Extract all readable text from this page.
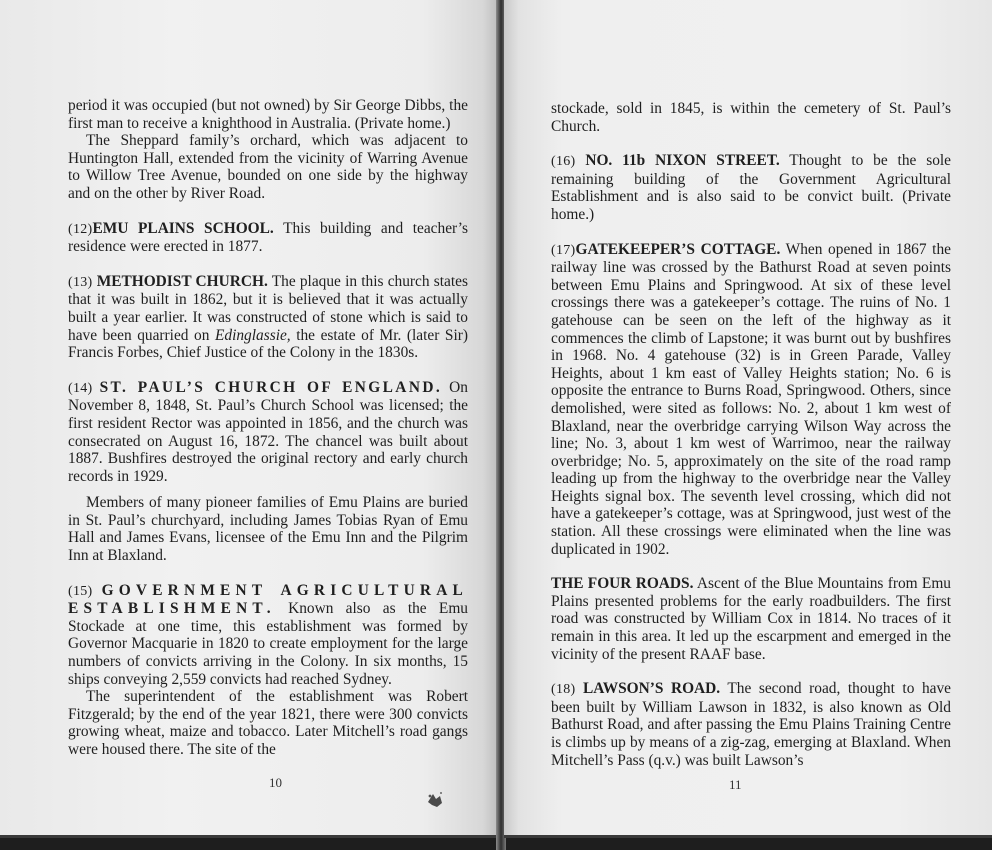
period it was occupied (but not owned) by Sir George Dibbs, the first man to receive a knighthood in Australia. (Private home.)

The Sheppard family’s orchard, which was adjacent to Huntington Hall, extended from the vicinity of Warring Avenue to Willow Tree Avenue, bounded on one side by the highway and on the other by River Road.

(12)EMU PLAINS SCHOOL. This building and teacher’s residence were erected in 1877.

(13) METHODIST CHURCH. The plaque in this church states that it was built in 1862, but it is believed that it was actually built a year earlier. It was constructed of stone which is said to have been quarried on Edinglassie, the estate of Mr. (later Sir) Francis Forbes, Chief Justice of the Colony in the 1830s.

(14) ST. PAUL’S CHURCH OF ENGLAND. On November 8, 1848, St. Paul’s Church School was licensed; the first resident Rector was appointed in 1856, and the church was consecrated on August 16, 1872. The chancel was built about 1887. Bushfires destroyed the original rectory and early church records in 1929.

Members of many pioneer families of Emu Plains are buried in St. Paul’s churchyard, including James Tobias Ryan of Emu Hall and James Evans, licensee of the Emu Inn and the Pilgrim Inn at Blaxland.

(15) GOVERNMENT AGRICULTURAL ESTABLISHMENT. Known also as the Emu Stockade at one time, this establishment was formed by Governor Macquarie in 1820 to create employment for the large numbers of convicts arriving in the Colony. In six months, 15 ships conveying 2,559 convicts had reached Sydney.

The superintendent of the establishment was Robert Fitzgerald; by the end of the year 1821, there were 300 convicts growing wheat, maize and tobacco. Later Mitchell’s road gangs were housed there. The site of the

10

stockade, sold in 1845, is within the cemetery of St. Paul’s Church.

(16) NO. 11b NIXON STREET. Thought to be the sole remaining building of the Government Agricultural Establishment and is also said to be convict built. (Private home.)

(17)GATEKEEPER’S COTTAGE. When opened in 1867 the railway line was crossed by the Bathurst Road at seven points between Emu Plains and Springwood. At six of these level crossings there was a gatekeeper’s cottage. The ruins of No. 1 gatehouse can be seen on the left of the highway as it commences the climb of Lapstone; it was burnt out by bushfires in 1968. No. 4 gatehouse (32) is in Green Parade, Valley Heights, about 1 km east of Valley Heights station; No. 6 is opposite the entrance to Burns Road, Springwood. Others, since demolished, were sited as follows: No. 2, about 1 km west of Blaxland, near the overbridge carrying Wilson Way across the line; No. 3, about 1 km west of Warrimoo, near the railway overbridge; No. 5, approximately on the site of the road ramp leading up from the highway to the overbridge near the Valley Heights signal box. The seventh level crossing, which did not have a gatekeeper’s cottage, was at Springwood, just west of the station. All these crossings were eliminated when the line was duplicated in 1902.

THE FOUR ROADS. Ascent of the Blue Mountains from Emu Plains presented problems for the early roadbuilders. The first road was constructed by William Cox in 1814. No traces of it remain in this area. It led up the escarpment and emerged in the vicinity of the present RAAF base.

(18) LAWSON’S ROAD. The second road, thought to have been built by William Lawson in 1832, is also known as Old Bathurst Road, and after passing the Emu Plains Training Centre is climbs up by means of a zig-zag, emerging at Blaxland. When Mitchell’s Pass (q.v.) was built Lawson’s

11
